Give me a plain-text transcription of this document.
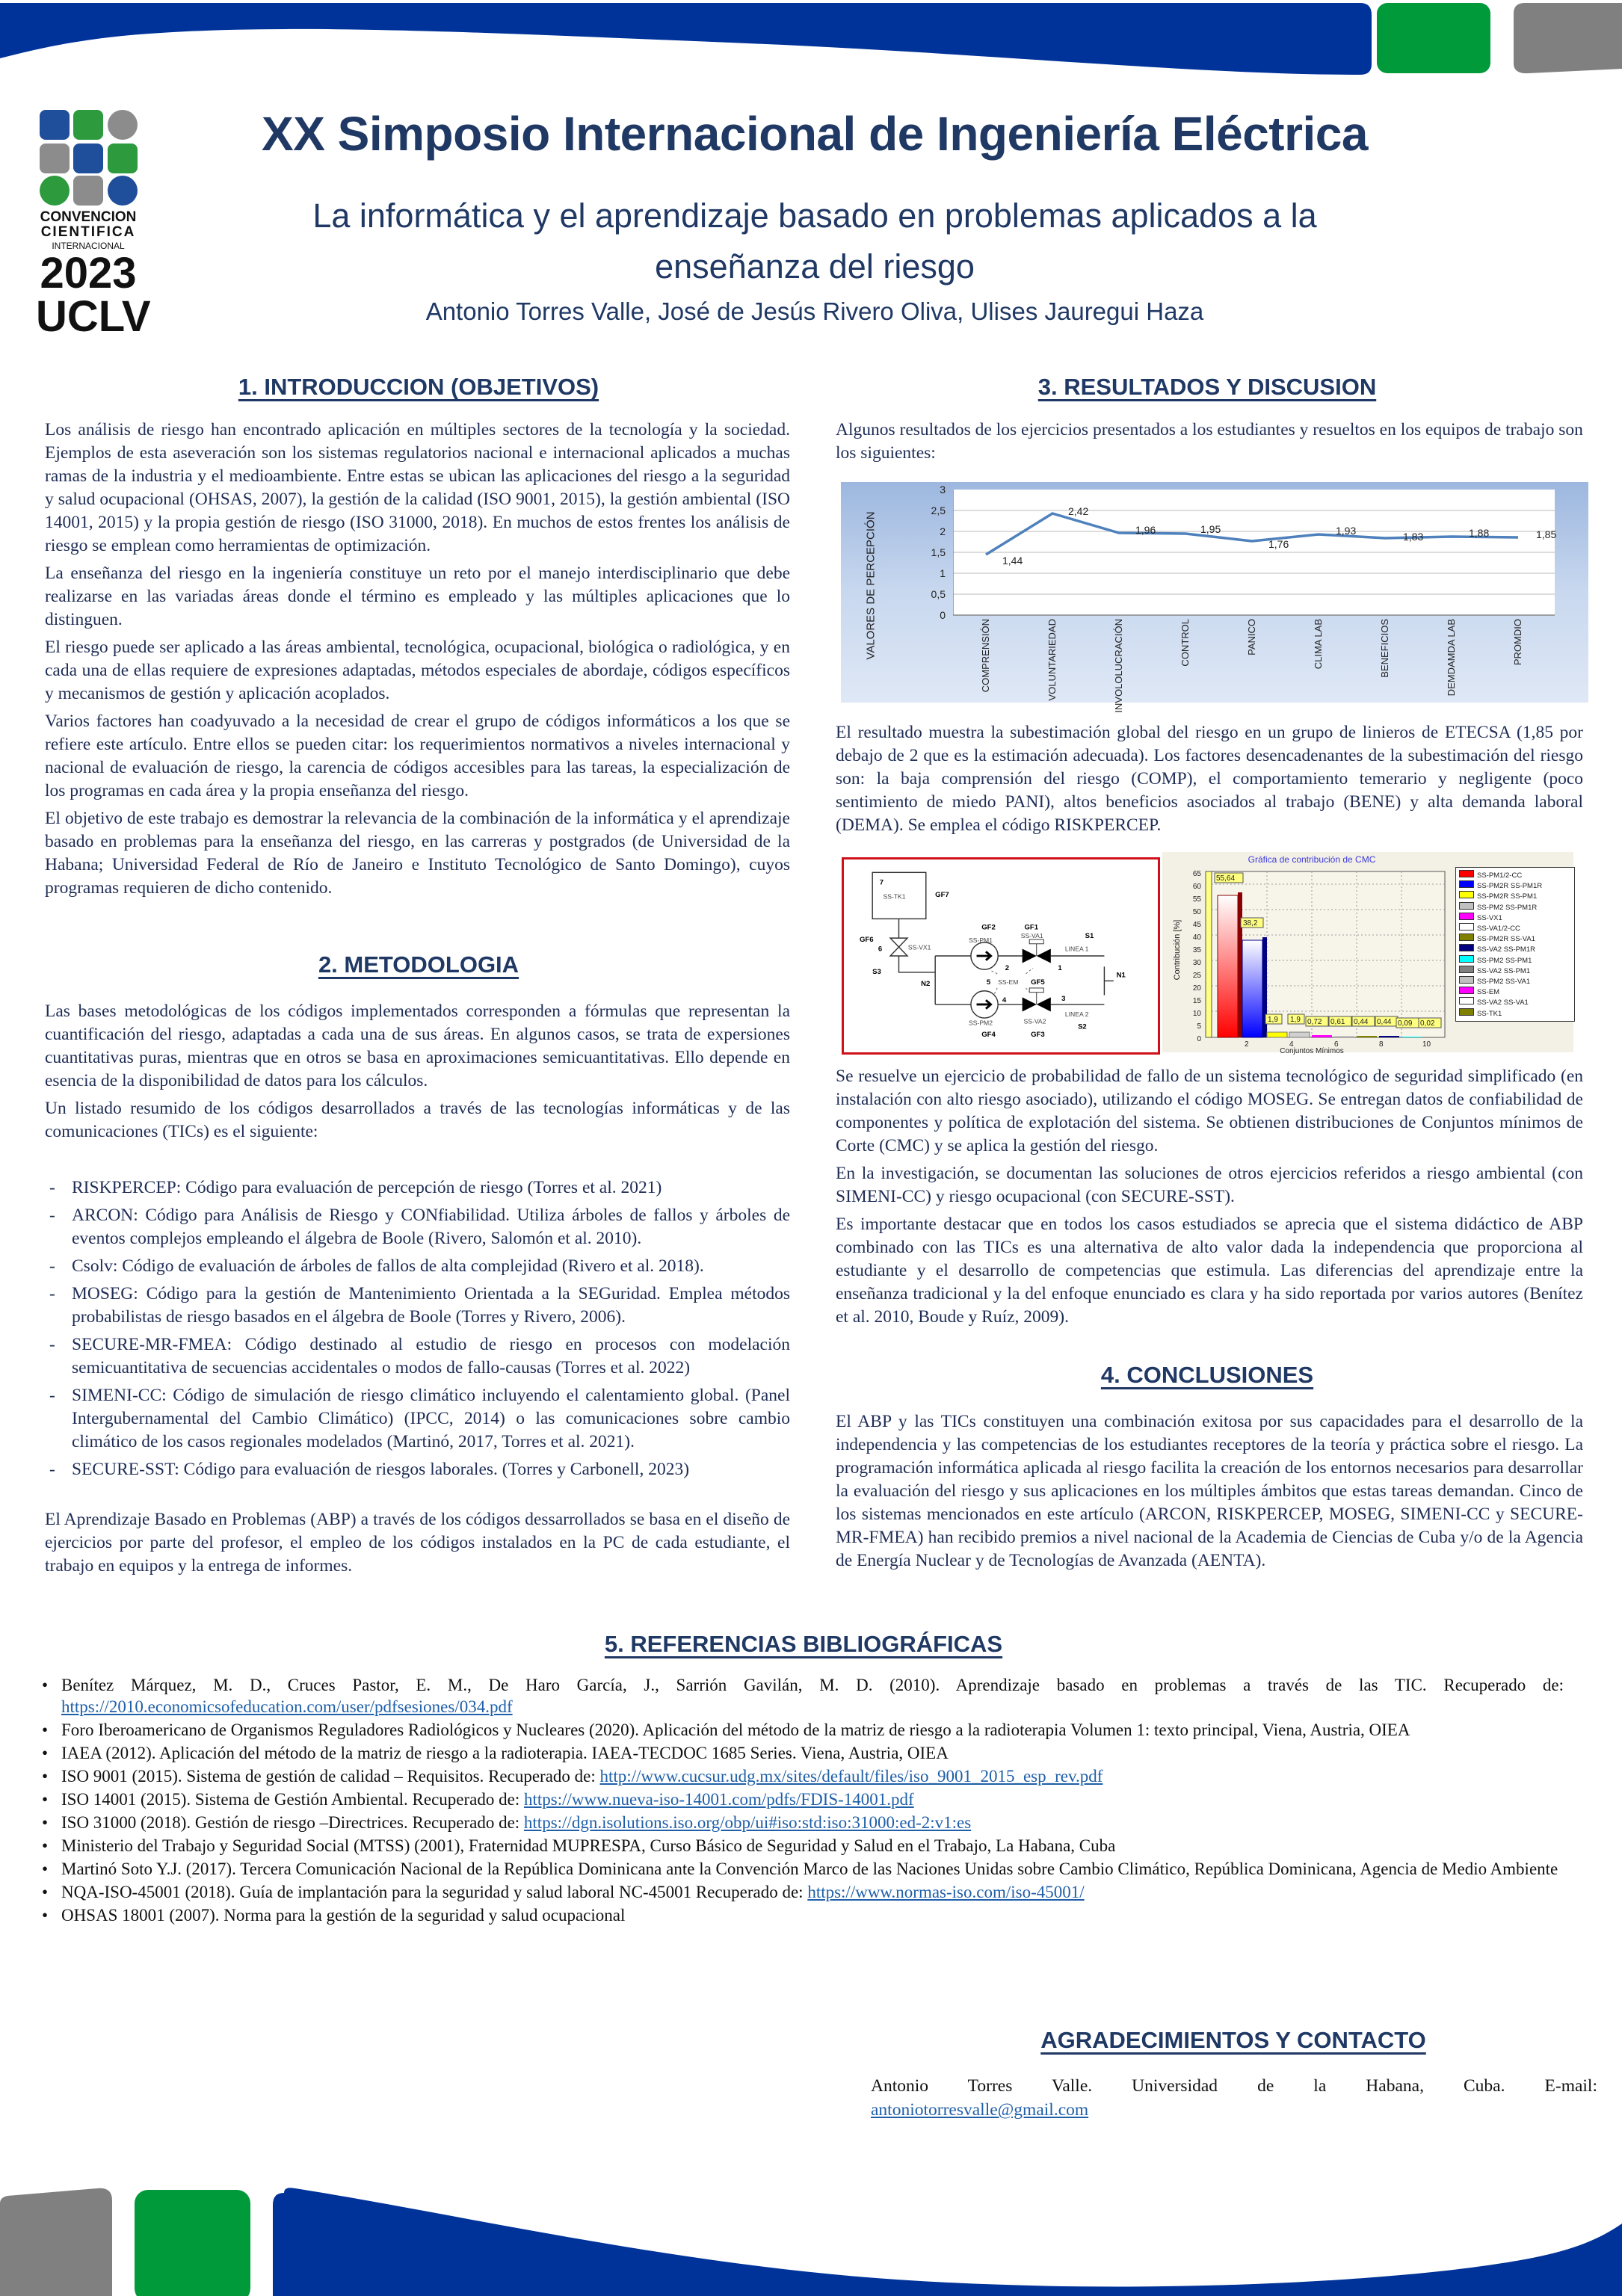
CONVENCION
CIENTIFICA
INTERNACIONAL
2023
UCLV
XX Simposio Internacional de Ingeniería Eléctrica
La informática y el aprendizaje basado en problemas aplicados a la
enseñanza del riesgo
Antonio Torres Valle, José de Jesús Rivero Oliva, Ulises Jauregui Haza
1. INTRODUCCION (OBJETIVOS)

Los análisis de riesgo han encontrado aplicación en múltiples sectores de la tecnología y la sociedad. Ejemplos de esta aseveración son los sistemas regulatorios nacional e internacional aplicados a muchas ramas de la industria y el medioambiente. Entre estas se ubican las aplicaciones del riesgo a la seguridad y salud ocupacional (OHSAS, 2007), la gestión de la calidad (ISO 9001, 2015), la gestión ambiental (ISO 14001, 2015) y la propia gestión de riesgo (ISO 31000, 2018). En muchos de estos frentes los análisis de riesgo se emplean como herramientas de optimización.

La enseñanza del riesgo en la ingeniería constituye un reto por el manejo interdisciplinario que debe realizarse en las variadas áreas donde el término es empleado y las múltiples aplicaciones que lo distinguen.

El riesgo puede ser aplicado a las áreas ambiental, tecnológica, ocupacional, biológica o radiológica, y en cada una de ellas requiere de expresiones adaptadas, métodos especiales de abordaje, códigos específicos y mecanismos de gestión y aplicación acoplados.

Varios factores han coadyuvado a la necesidad de crear el grupo de códigos informáticos a los que se refiere este artículo. Entre ellos se pueden citar: los requerimientos normativos a niveles internacional y nacional de evaluación de riesgo, la carencia de códigos accesibles para las tareas, la especialización de los programas en cada área y la propia enseñanza del riesgo.

El objetivo de este trabajo es demostrar la relevancia de la combinación de la informática y el aprendizaje basado en problemas para la enseñanza del riesgo, en las carreras y postgrados (de Universidad de la Habana; Universidad Federal de Río de Janeiro e Instituto Tecnológico de Santo Domingo), cuyos programas requieren de dicho contenido.

2. METODOLOGIA

Las bases metodológicas de los códigos implementados corresponden a fórmulas que representan la cuantificación del riesgo, adaptadas a cada una de sus áreas. En algunos casos, se trata de expersiones cuantitativas puras, mientras que en otros se basa en aproximaciones semicuantitativas. Ello depende en esencia de la disponibilidad de datos para los cálculos.

Un listado resumido de los códigos desarrollados a través de las tecnologías informáticas y de las comunicaciones (TICs) es el siguiente:

- RISKPERCEP: Código para evaluación de percepción de riesgo (Torres et al. 2021)
- ARCON: Código para Análisis de Riesgo y CONfiabilidad. Utiliza árboles de fallos y árboles de eventos complejos empleando el álgebra de Boole (Rivero, Salomón et al. 2010).
- Csolv: Código de evaluación de árboles de fallos de alta complejidad (Rivero et al. 2018).
- MOSEG: Código para la gestión de Mantenimiento Orientada a la SEGuridad. Emplea métodos probabilistas de riesgo basados en el álgebra de Boole (Torres y Rivero, 2006).
- SECURE-MR-FMEA: Código destinado al estudio de riesgo en procesos con modelación semicuantitativa de secuencias accidentales o modos de fallo-causas (Torres et al. 2022)
- SIMENI-CC: Código de simulación de riesgo climático incluyendo el calentamiento global. (Panel Intergubernamental del Cambio Climático) (IPCC, 2014) o las comunicaciones sobre cambio climático de los casos regionales modelados (Martinó, 2017, Torres et al. 2021).
- SECURE-SST: Código para evaluación de riesgos laborales. (Torres y Carbonell, 2023)

El Aprendizaje Basado en Problemas (ABP) a través de los códigos dessarrollados se basa en el diseño de ejercicios por parte del profesor, el empleo de los códigos instalados en la PC de cada estudiante, el trabajo en equipos y la entrega de informes.

3. RESULTADOS Y DISCUSION
Algunos resultados de los ejercicios presentados a los estudiantes y resueltos en los equipos de trabajo son los siguientes:
VALORES DE PERCEPCIÓN
3
2,5
2
1,5
1
0,5
0
1,44
2,42
1,96	1,95
1,76
1,93	1,83	1,88	1,85
COMPRENSIÓN	VOLUNTARIEDAD	INVOLOLUCRACIÓN	CONTROL	PANICO	CLIMA LAB	BENEFICIOS	DEMDAMDA LAB	PROMDIO
El resultado muestra la subestimación global del riesgo en un grupo de linieros de ETECSA (1,85 por debajo de 2 que es la estimación adecuada). Los factores desencadenantes de la subestimación del riesgo son: la baja comprensión del riesgo (COMP), el comportamiento temerario y negligente (poco sentimiento de miedo PANI), altos beneficios asociados al trabajo (BENE) y alta demanda laboral (DEMA). Se emplea el código RISKPERCEP.
7
SS-TK1	GF7
GF6
6	SS-VX1
S3
N2
GF2
SS-PM1
SS-PM2
GF4
GF1
SS-VA1
SS-VA2
GF3
LINEA 1
LINEA 2
S1
S2
N1
2	1
5 SS-EM GF5
4	3
Gráfica de contribución de CMC
Contribución [%]
65
60
55
50
45
40
35
30
25
20
15
10
5
0
55,64
38,2
1,9 1,9 0,72 0,61 0,44 0,44 0,09 0,02
2	4	6	8	10
Conjuntos Mínimos
SS-PM1/2-CC
SS-PM2R SS-PM1R
SS-PM2R SS-PM1
SS-PM2 SS-PM1R
SS-VX1
SS-VA1/2-CC
SS-PM2R SS-VA1
SS-VA2 SS-PM1R
SS-PM2 SS-PM1
SS-VA2 SS-PM1
SS-PM2 SS-VA1
SS-EM
SS-VA2 SS-VA1
SS-TK1

Se resuelve un ejercicio de probabilidad de fallo de un sistema tecnológico de seguridad simplificado (en instalación con alto riesgo asociado), utilizando el código MOSEG. Se entregan datos de confiabilidad de componentes y política de explotación del sistema. Se obtienen distribuciones de Conjuntos mínimos de Corte (CMC) y se aplica la gestión del riesgo.

En la investigación, se documentan las soluciones de otros ejercicios referidos a riesgo ambiental (con SIMENI-CC) y riesgo ocupacional (con SECURE-SST).

Es importante destacar que en todos los casos estudiados se aprecia que el sistema didáctico de ABP combinado con las TICs es una alternativa de alto valor dada la independencia que proporciona al estudiante y el desarrollo de competencias que estimula. Las diferencias del aprendizaje entre la enseñanza tradicional y la del enfoque enunciado es clara y ha sido reportada por varios autores (Benítez et al. 2010, Boude y Ruíz, 2009).

4. CONCLUSIONES
El ABP y las TICs constituyen una combinación exitosa por sus capacidades para el desarrollo de la independencia y las competencias de los estudiantes receptores de la teoría y práctica sobre el riesgo. La programación informática aplicada al riesgo facilita la creación de los entornos necesarios para desarrollar la evaluación del riesgo y sus aplicaciones en los múltiples ámbitos que estas tareas demandan. Cinco de los sistemas mencionados en este artículo (ARCON, RISKPERCEP, MOSEG, SIMENI-CC y SECURE-MR-FMEA) han recibido premios a nivel nacional de la Academia de Ciencias de Cuba y/o de la Agencia de Energía Nuclear y de Tecnologías de Avanzada (AENTA).
5. REFERENCIAS BIBLIOGRÁFICAS
• Benítez Márquez, M. D., Cruces Pastor, E. M., De Haro García, J., Sarrión Gavilán, M. D. (2010). Aprendizaje basado en problemas a través de las TIC. Recuperado de: https://2010.economicsofeducation.com/user/pdfsesiones/034.pdf
• Foro Iberoamericano de Organismos Reguladores Radiológicos y Nucleares (2020). Aplicación del método de la matriz de riesgo a la radioterapia Volumen 1: texto principal, Viena, Austria, OIEA
• IAEA (2012). Aplicación del método de la matriz de riesgo a la radioterapia. IAEA-TECDOC 1685 Series. Viena, Austria, OIEA
• ISO 9001 (2015). Sistema de gestión de calidad – Requisitos. Recuperado de: http://www.cucsur.udg.mx/sites/default/files/iso_9001_2015_esp_rev.pdf
• ISO 14001 (2015). Sistema de Gestión Ambiental. Recuperado de: https://www.nueva-iso-14001.com/pdfs/FDIS-14001.pdf
• ISO 31000 (2018). Gestión de riesgo –Directrices. Recuperado de: https://dgn.isolutions.iso.org/obp/ui#iso:std:iso:31000:ed-2:v1:es
• Ministerio del Trabajo y Seguridad Social (MTSS) (2001), Fraternidad MUPRESPA, Curso Básico de Seguridad y Salud en el Trabajo, La Habana, Cuba
• Martinó Soto Y.J. (2017). Tercera Comunicación Nacional de la República Dominicana ante la Convención Marco de las Naciones Unidas sobre Cambio Climático, República Dominicana, Agencia de Medio Ambiente
• NQA-ISO-45001 (2018). Guía de implantación para la seguridad y salud laboral NC-45001 Recuperado de: https://www.normas-iso.com/iso-45001/
• OHSAS 18001 (2007). Norma para la gestión de la seguridad y salud ocupacional
AGRADECIMIENTOS Y CONTACTO
Antonio Torres Valle. Universidad de la Habana, Cuba. E-mail:
antoniotorresvalle@gmail.com
